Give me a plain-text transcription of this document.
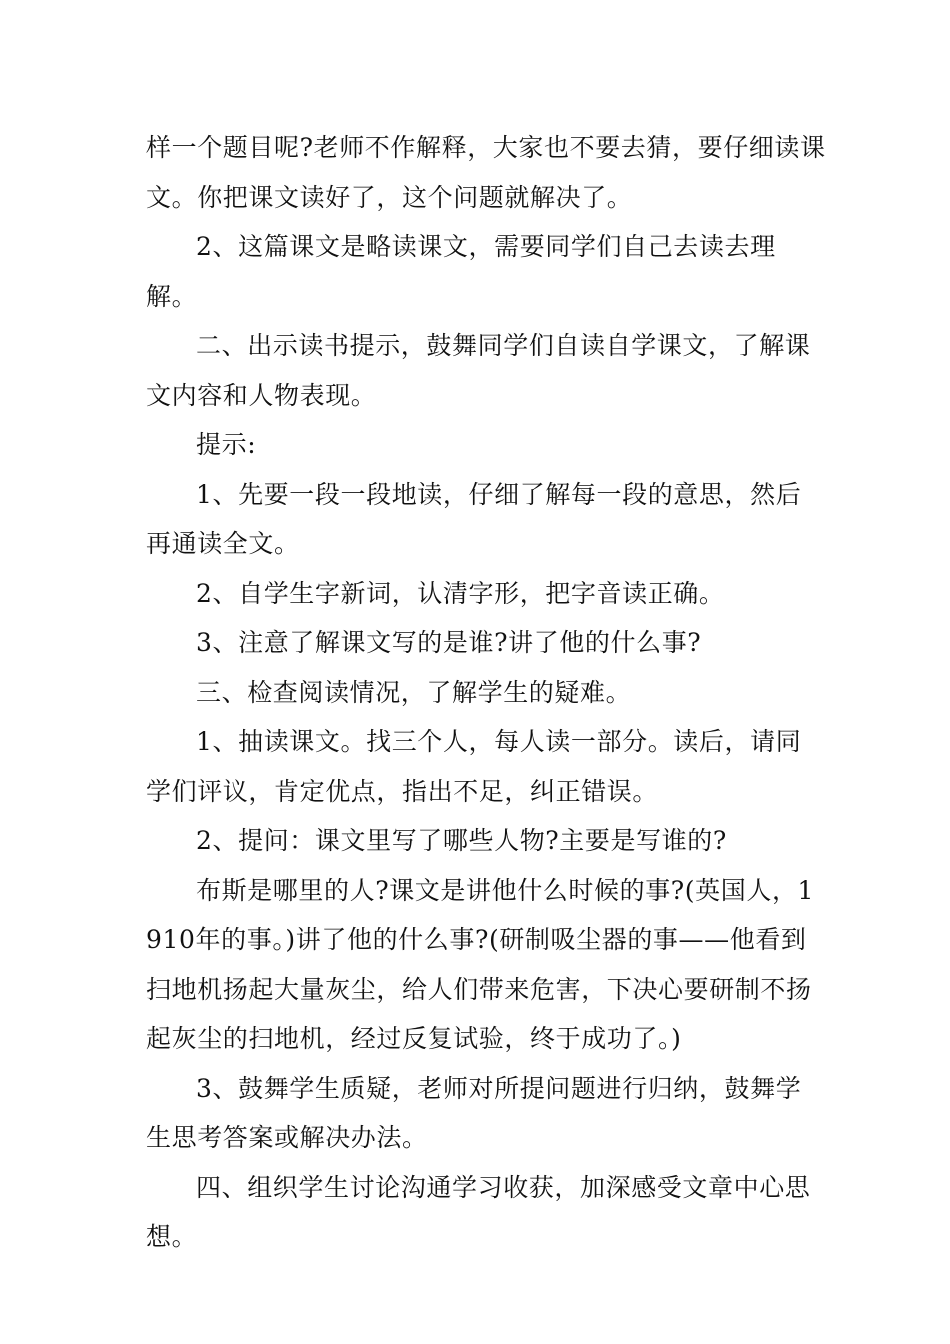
样一个题目呢?老师不作解释，大家也不要去猜，要仔细读课文。你把课文读好了，这个问题就解决了。

2、这篇课文是略读课文，需要同学们自己去读去理解。

二、出示读书提示，鼓舞同学们自读自学课文，了解课文内容和人物表现。

提示:

1、先要一段一段地读，仔细了解每一段的意思，然后再通读全文。

2、自学生字新词，认清字形，把字音读正确。

3、注意了解课文写的是谁?讲了他的什么事?

三、检查阅读情况，了解学生的疑难。

1、抽读课文。找三个人，每人读一部分。读后，请同学们评议，肯定优点，指出不足，纠正错误。

2、提问：课文里写了哪些人物?主要是写谁的?

布斯是哪里的人?课文是讲他什么时候的事?(英国人，1910年的事。)讲了他的什么事?(研制吸尘器的事——他看到扫地机扬起大量灰尘，给人们带来危害，下决心要研制不扬起灰尘的扫地机，经过反复试验，终于成功了。)

3、鼓舞学生质疑，老师对所提问题进行归纳，鼓舞学生思考答案或解决办法。

四、组织学生讨论沟通学习收获，加深感受文章中心思想。
